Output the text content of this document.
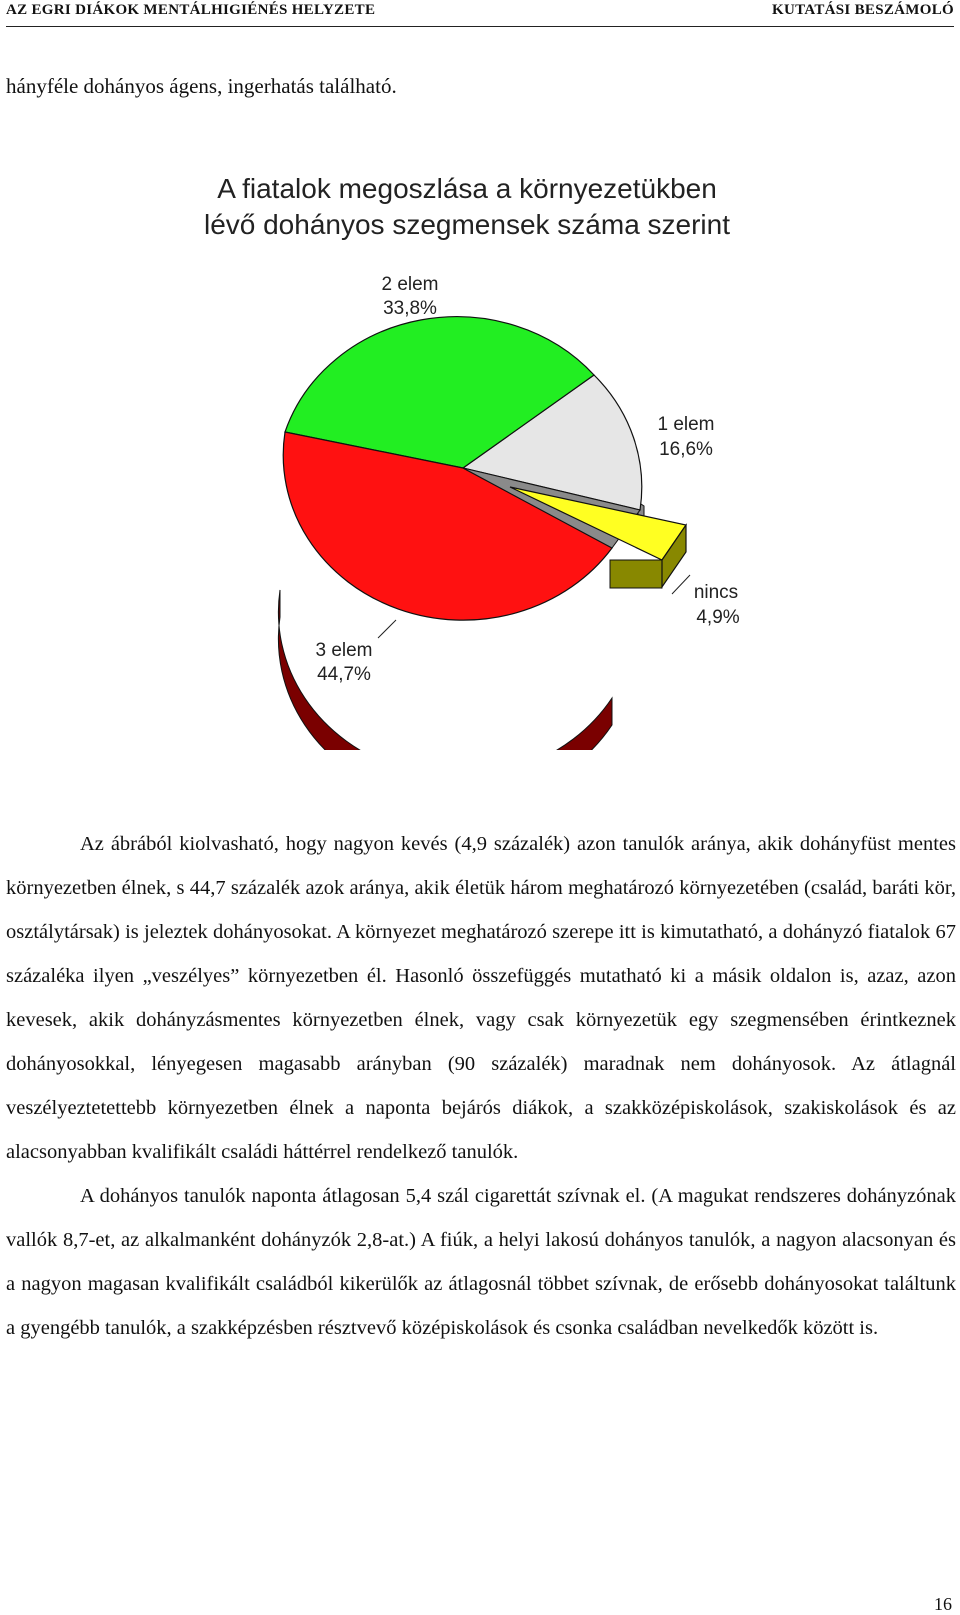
AZ EGRI DIÁKOK MENTÁLHIGIÉNÉS HELYZETE	KUTATÁSI BESZÁMOLÓ
hányféle dohányos ágens, ingerhatás található.
A fiatalok megoszlása a környezetükben
lévő dohányos szegmensek száma szerint
2 elem
33,8%
1 elem
16,6%
nincs
4,9%
3 elem
44,7%

Az ábrából kiolvasható, hogy nagyon kevés (4,9 százalék) azon tanulók aránya, akik dohányfüst mentes környezetben élnek, s 44,7 százalék azok aránya, akik életük három meghatározó környezetében (család, baráti kör, osztálytársak) is jeleztek dohányosokat. A környezet meghatározó szerepe itt is kimutatható, a dohányzó fiatalok 67 százaléka ilyen „veszélyes” környezetben él. Hasonló összefüggés mutatható ki a másik oldalon is, azaz, azon kevesek, akik dohányzásmentes környezetben élnek, vagy csak környezetük egy szegmensében érintkeznek dohányosokkal, lényegesen magasabb arányban (90 százalék) maradnak nem dohányosok. Az átlagnál veszélyeztetettebb környezetben élnek a naponta bejárós diákok, a szakközépiskolások, szakiskolások és az alacsonyabban kvalifikált családi háttérrel rendelkező tanulók.

A dohányos tanulók naponta átlagosan 5,4 szál cigarettát szívnak el. (A magukat rendszeres dohányzónak vallók 8,7-et, az alkalmanként dohányzók 2,8-at.) A fiúk, a helyi lakosú dohányos tanulók, a nagyon alacsonyan és a nagyon magasan kvalifikált családból kikerülők az átlagosnál többet szívnak, de erősebb dohányosokat találtunk a gyengébb tanulók, a szakképzésben résztvevő középiskolások és csonka családban nevelkedők között is.

16
